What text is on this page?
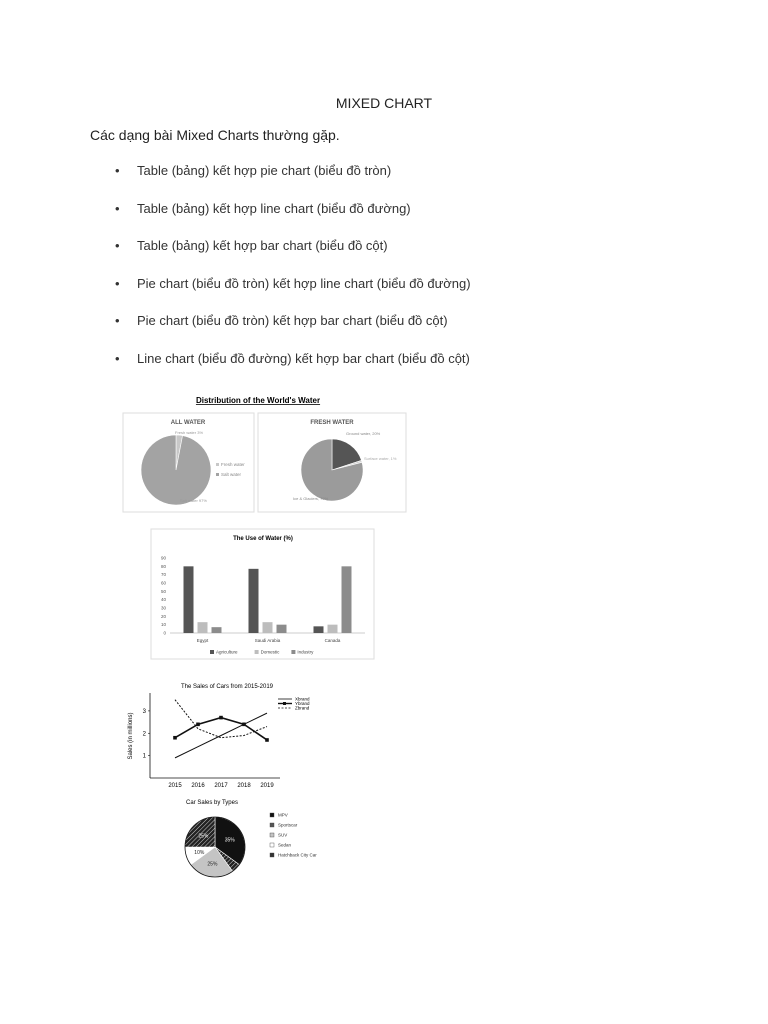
MIXED CHART
Các dạng bài Mixed Charts thường gặp.
•	Table (bảng) kết hợp pie chart (biểu đồ tròn)
•	Table (bảng) kết hợp line chart (biểu đồ đường)
•	Table (bảng) kết hợp bar chart (biểu đồ cột)
•	Pie chart (biểu đồ tròn) kết hợp line chart (biểu đồ đường)
•	Pie chart (biểu đồ tròn) kết hợp bar chart (biểu đồ cột)
•	Line chart (biểu đồ đường) kết hợp bar chart (biểu đồ cột)
Distribution of the World's Water
ALL WATER	FRESH WATER
Fresh water 3%
Salt water 97%
Fresh water
Salt water
Ground water, 20%
Surface water, 1%
Ice & Glaciers, 79%
The Use of Water (%)
0
10
20
30
40
50
60
70
80
90
Egypt	Saudi Arabia	Canada
Agriculture	Domestic	Industry
The Sales of Cars from 2015-2019
Sales (in millions) 1
2
3
2015 2016 2017 2018 2019
Xbrand
Ybrand
Zbrand
Car Sales by Types
35%
25%
10%
25%
MPV
Sportscar
SUV
Sedan
Hatchback City Car
